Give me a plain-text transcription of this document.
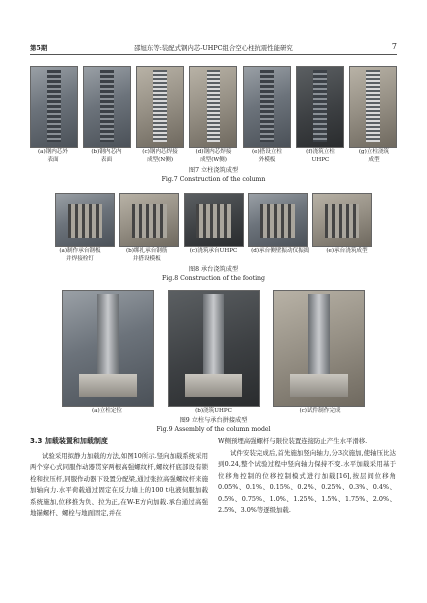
第5期	邵旭东等:装配式钢内芯-UHPC组合空心柱抗震性能研究	7
(a)钢内芯外
表面
(b)钢内芯内
表面
(c)钢内芯焊接
成型(N侧)
(d)钢内芯焊接
成型(W侧)
(e)搭设立柱
外模板
(f)浇筑立柱
UHPC
(g)立柱浇筑
成型
图7 立柱浇筑成型
Fig.7 Construction of the column
(a)制作承台钢板
并焊接栓钉
(b)绑扎承台钢筋
并搭设模板
(c)浇筑承台UHPC	(d)承台侧壁振动仪振捣	(e)承台浇筑成型
图8 承台浇筑成型
Fig.8 Construction of the footing
(a)立柱定位	(b)浇筑UHPC	(c)试件制作完成
图9 立柱与承台拼接成型
Fig.9 Assembly of the column model
3.3 加载装置和加载制度

试验采用拟静力加载的方法,如图10所示.竖向加载系统采用两个穿心式同服作动器贯穿两根高强螺纹杆,螺纹杆底部设有锁栓和拉压杆,同服作动器下设置分配梁,通过张拉高强螺纹杆来施加轴向力.水平荷载通过固定在反力墙上的100 t电液伺服加载系统施加,位移推为负、拉为正,在W-E方向加载.承台通过高强地锚螺杆、螺栓与地面固定,并在

W侧预埋高强螺杆与限位装置连接防止产生水平滑移.

试件安装完成后,首先施加竖向轴力,分3次施加,使轴压比达到0.24,整个试验过程中竖向轴力保持不变.水平加载采用基于位移角控制的位移控制模式进行加载[16],按层间位移角0.05%、0.1%、0.15%、0.2%、0.25%、0.3%、0.4%、0.5%、0.75%、1.0%、1.25%、1.5%、1.75%、2.0%、2.5%、3.0%等逐级加载.
